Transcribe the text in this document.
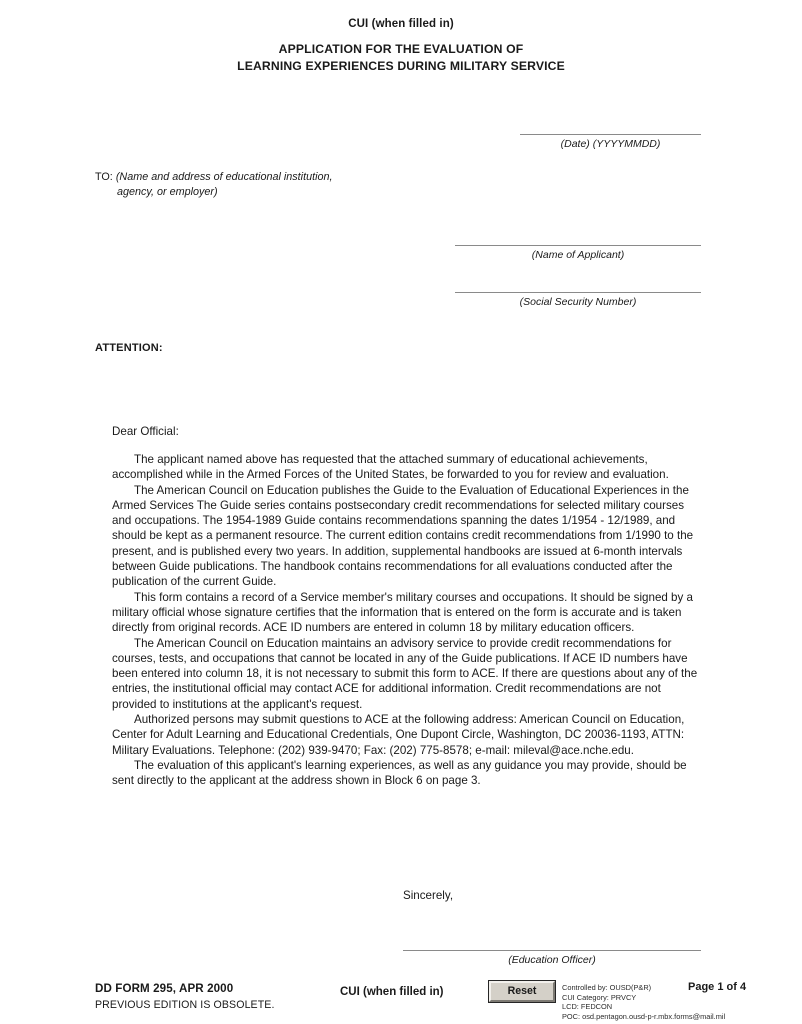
CUI (when filled in)
APPLICATION FOR THE EVALUATION OF
LEARNING EXPERIENCES DURING MILITARY SERVICE
(Date) (YYYYMMDD)
TO: (Name and address of educational institution,
agency, or employer)
(Name of Applicant)
(Social Security Number)
ATTENTION:
Dear Official:

The applicant named above has requested that the attached summary of educational achievements, accomplished while in the Armed Forces of the United States, be forwarded to you for review and evaluation.

The American Council on Education publishes the Guide to the Evaluation of Educational Experiences in the Armed Services The Guide series contains postsecondary credit recommendations for selected military courses and occupations. The 1954-1989 Guide contains recommendations spanning the dates 1/1954 - 12/1989, and should be kept as a permanent resource. The current edition contains credit recommendations from 1/1990 to the present, and is published every two years. In addition, supplemental handbooks are issued at 6-month intervals between Guide publications. The handbook contains recommendations for all evaluations conducted after the publication of the current Guide.

This form contains a record of a Service member's military courses and occupations. It should be signed by a military official whose signature certifies that the information that is entered on the form is accurate and is taken directly from original records. ACE ID numbers are entered in column 18 by military education officers.

The American Council on Education maintains an advisory service to provide credit recommendations for courses, tests, and occupations that cannot be located in any of the Guide publications. If ACE ID numbers have been entered into column 18, it is not necessary to submit this form to ACE. If there are questions about any of the entries, the institutional official may contact ACE for additional information. Credit recommendations are not provided to institutions at the applicant's request.

Authorized persons may submit questions to ACE at the following address: American Council on Education, Center for Adult Learning and Educational Credentials, One Dupont Circle, Washington, DC 20036-1193, ATTN: Military Evaluations. Telephone: (202) 939-9470; Fax: (202) 775-8578; e-mail: mileval@ace.nche.edu.

The evaluation of this applicant's learning experiences, as well as any guidance you may provide, should be sent directly to the applicant at the address shown in Block 6 on page 3.

Sincerely,
(Education Officer)
DD FORM 295, APR 2000
PREVIOUS EDITION IS OBSOLETE.
CUI (when filled in)	Reset	Controlled by: OUSD(P&R)
CUI Category: PRVCY
LCD: FEDCON
POC: osd.pentagon.ousd-p-r.mbx.forms@mail.mil
Page 1 of 4
